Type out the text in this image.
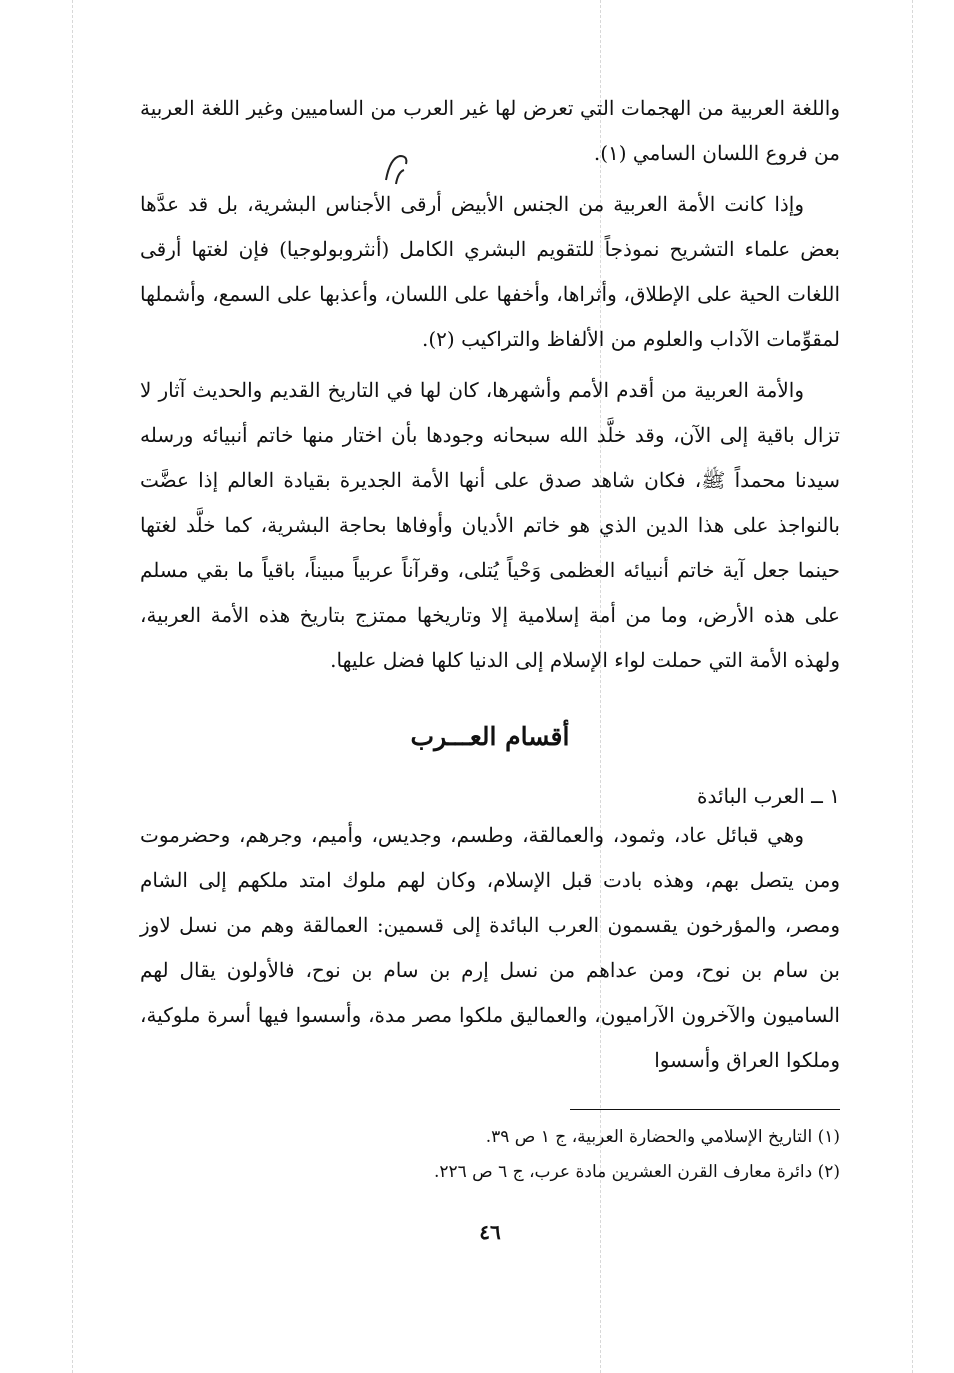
واللغة العربية من الهجمات التي تعرض لها غير العرب من الساميين وغير اللغة العربية من فروع اللسان السامي (١).

وإذا كانت الأمة العربية من الجنس الأبيض أرقى الأجناس البشرية، بل قد عدَّها بعض علماء التشريح نموذجاً للتقويم البشري الكامل (أنثروبولوجيا) فإن لغتها أرقى اللغات الحية على الإطلاق، وأثراها، وأخفها على اللسان، وأعذبها على السمع، وأشملها لمقوِّمات الآداب والعلوم من الألفاظ والتراكيب (٢).

والأمة العربية من أقدم الأمم وأشهرها، كان لها في التاريخ القديم والحديث آثار لا تزال باقية إلى الآن، وقد خلَّد الله سبحانه وجودها بأن اختار منها خاتم أنبيائه ورسله سيدنا محمداً ﷺ، فكان شاهد صدق على أنها الأمة الجديرة بقيادة العالم إذا عضَّت بالنواجذ على هذا الدين الذي هو خاتم الأديان وأوفاها بحاجة البشرية، كما خلَّد لغتها حينما جعل آية خاتم أنبيائه العظمى وَحْياً يُتلى، وقرآناً عربياً مبيناً، باقياً ما بقي مسلم على هذه الأرض، وما من أمة إسلامية إلا وتاريخها ممتزج بتاريخ هذه الأمة العربية، ولهذه الأمة التي حملت لواء الإسلام إلى الدنيا كلها فضل عليها.

أقسام العـــرب

١ ــ العرب البائدة

وهي قبائل عاد، وثمود، والعمالقة، وطسم، وجديس، وأميم، وجرهم، وحضرموت ومن يتصل بهم، وهذه بادت قبل الإسلام، وكان لهم ملوك امتد ملكهم إلى الشام ومصر، والمؤرخون يقسمون العرب البائدة إلى قسمين: العمالقة وهم من نسل لاوز بن سام بن نوح، ومن عداهم من نسل إرم بن سام بن نوح، فالأولون يقال لهم الساميون والآخرون الآراميون، والعماليق ملكوا مصر مدة، وأسسوا فيها أسرة ملوكية، وملكوا العراق وأسسوا

(١) التاريخ الإسلامي والحضارة العربية، ج ١ ص ٣٩.

(٢) دائرة معارف القرن العشرين مادة عرب، ج ٦ ص ٢٢٦.

٤٦
